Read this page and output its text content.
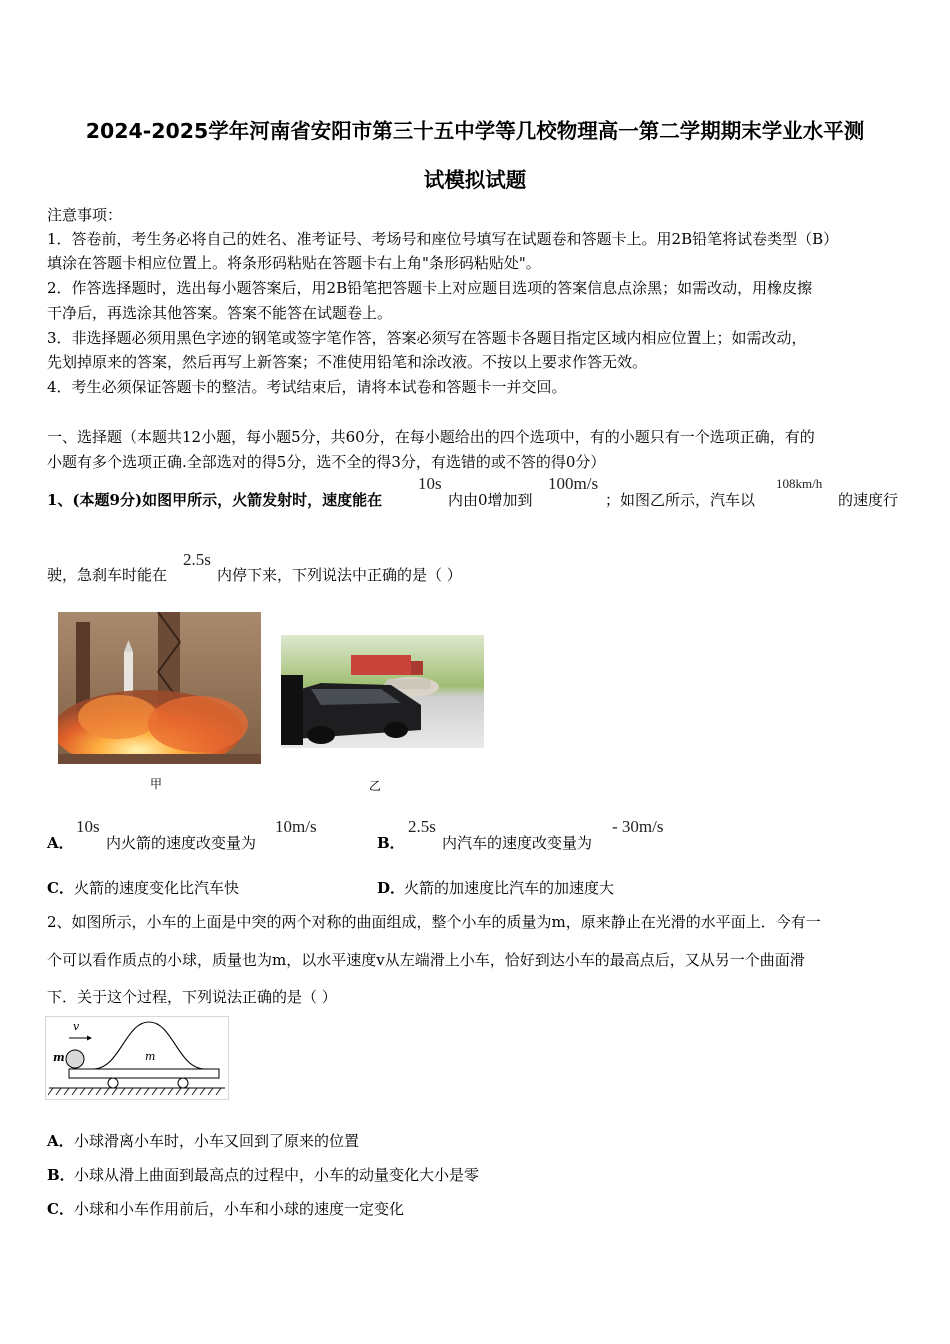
2024-2025学年河南省安阳市第三十五中学等几校物理高一第二学期期末学业水平测
试模拟试题
注意事项：
1．答卷前，考生务必将自己的姓名、准考证号、考场号和座位号填写在试题卷和答题卡上。用2B铅笔将试卷类型（B）
填涂在答题卡相应位置上。将条形码粘贴在答题卡右上角"条形码粘贴处"。
2．作答选择题时，选出每小题答案后，用2B铅笔把答题卡上对应题目选项的答案信息点涂黑；如需改动，用橡皮擦
干净后，再选涂其他答案。答案不能答在试题卷上。
3．非选择题必须用黑色字迹的钢笔或签字笔作答，答案必须写在答题卡各题目指定区域内相应位置上；如需改动，
先划掉原来的答案，然后再写上新答案；不准使用铅笔和涂改液。不按以上要求作答无效。
4．考生必须保证答题卡的整洁。考试结束后，请将本试卷和答题卡一并交回。
一、选择题（本题共12小题，每小题5分，共60分，在每小题给出的四个选项中，有的小题只有一个选项正确，有的
小题有多个选项正确.全部选对的得5分，选不全的得3分，有选错的或不答的得0分）
1、(本题9分)如图甲所示，火箭发射时，速度能在
10s
内由0增加到
100m/s
；如图乙所示，汽车以
108km/h
的速度行
驶，急刹车时能在
2.5s
内停下来，下列说法中正确的是（ ）
甲	乙
A．
10s
内火箭的速度改变量为
10m/s
B．
2.5s
内汽车的速度改变量为
- 30m/s
C． 火箭的速度变化比汽车快	D．
火箭的加速度比汽车的加速度大
2、如图所示，小车的上面是中突的两个对称的曲面组成，整个小车的质量为m，原来静止在光滑的水平面上．今有一
个可以看作质点的小球，质量也为m，以水平速度v从左端滑上小车，恰好到达小车的最高点后，又从另一个曲面滑
下．关于这个过程，下列说法正确的是（ ）
v
m	m
A． 小球滑离小车时，小车又回到了原来的位置
B． 小球从滑上曲面到最高点的过程中，小车的动量变化大小是零
C． 小球和小车作用前后，小车和小球的速度一定变化
